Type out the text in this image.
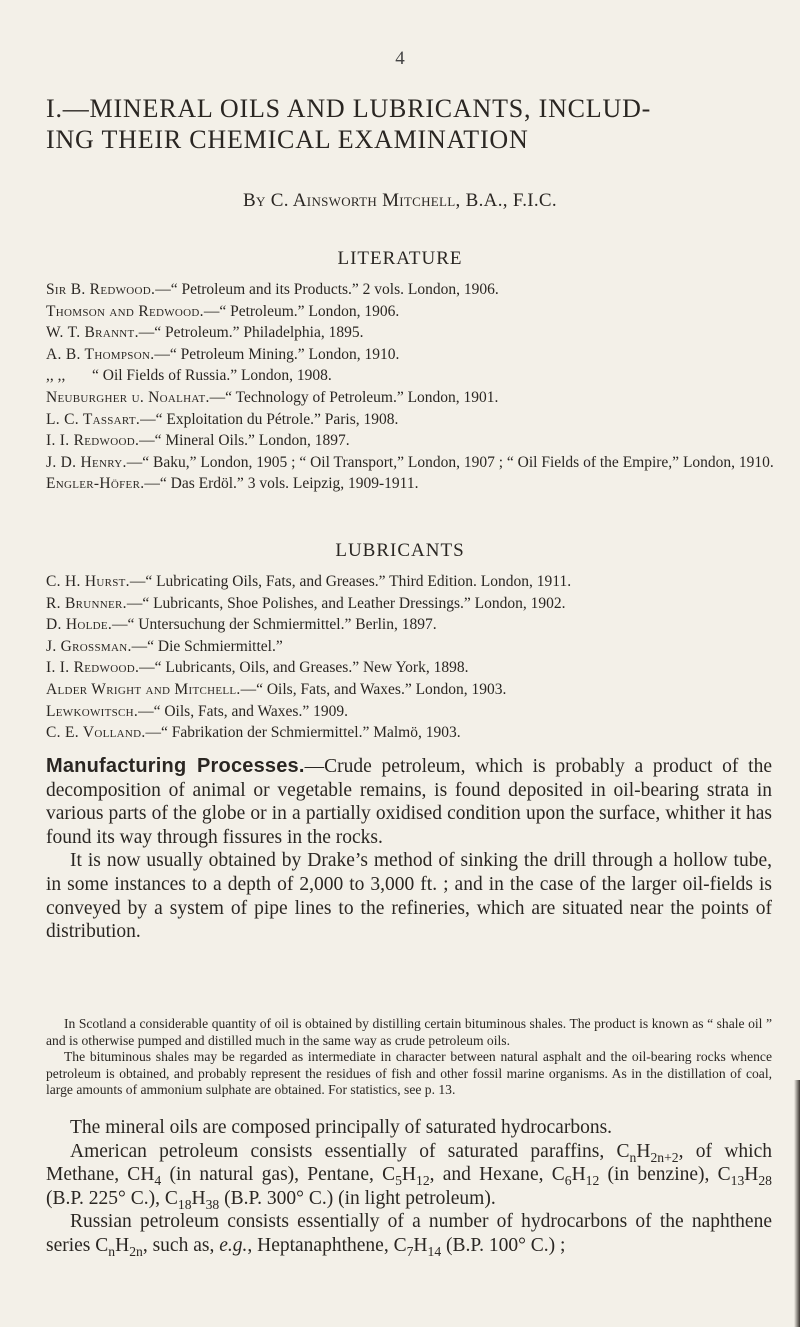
4
I.—MINERAL OILS AND LUBRICANTS, INCLUD-
ING THEIR CHEMICAL EXAMINATION
By C. Ainsworth Mitchell, B.A., F.I.C.
LITERATURE
Sir B. Redwood.—“ Petroleum and its Products.” 2 vols. London, 1906.
Thomson and Redwood.—“ Petroleum.” London, 1906.
W. T. Brannt.—“ Petroleum.” Philadelphia, 1895.
A. B. Thompson.—“ Petroleum Mining.” London, 1910.
,, ,, “ Oil Fields of Russia.” London, 1908.
Neuburgher u. Noalhat.—“ Technology of Petroleum.” London, 1901.
L. C. Tassart.—“ Exploitation du Pétrole.” Paris, 1908.
I. I. Redwood.—“ Mineral Oils.” London, 1897.
J. D. Henry.—“ Baku,” London, 1905 ; “ Oil Transport,” London, 1907 ; “ Oil Fields of the Empire,” London, 1910.
Engler-Höfer.—“ Das Erdöl.” 3 vols. Leipzig, 1909-1911.
LUBRICANTS
C. H. Hurst.—“ Lubricating Oils, Fats, and Greases.” Third Edition. London, 1911.
R. Brunner.—“ Lubricants, Shoe Polishes, and Leather Dressings.” London, 1902.
D. Holde.—“ Untersuchung der Schmiermittel.” Berlin, 1897.
J. Grossman.—“ Die Schmiermittel.”
I. I. Redwood.—“ Lubricants, Oils, and Greases.” New York, 1898.
Alder Wright and Mitchell.—“ Oils, Fats, and Waxes.” London, 1903.
Lewkowitsch.—“ Oils, Fats, and Waxes.” 1909.
C. E. Volland.—“ Fabrikation der Schmiermittel.” Malmö, 1903.

Manufacturing Processes.—Crude petroleum, which is probably a product of the decomposition of animal or vegetable remains, is found deposited in oil-bearing strata in various parts of the globe or in a partially oxidised condition upon the surface, whither it has found its way through fissures in the rocks.

It is now usually obtained by Drake’s method of sinking the drill through a hollow tube, in some instances to a depth of 2,000 to 3,000 ft. ; and in the case of the larger oil-fields is conveyed by a system of pipe lines to the refineries, which are situated near the points of distribution.

In Scotland a considerable quantity of oil is obtained by distilling certain bituminous shales. The product is known as “ shale oil ” and is otherwise pumped and distilled much in the same way as crude petroleum oils.

The bituminous shales may be regarded as intermediate in character between natural asphalt and the oil-bearing rocks whence petroleum is obtained, and probably represent the residues of fish and other fossil marine organisms. As in the distillation of coal, large amounts of ammonium sulphate are obtained. For statistics, see p. 13.

The mineral oils are composed principally of saturated hydrocarbons.

American petroleum consists essentially of saturated paraffins, $C_nH_{2n+2}$, of which Methane, $CH_4$ (in natural gas), Pentane, $C_5H_{12}$, and Hexane, $C_6H_{12}$ (in benzine), $C_{13}H_{28}$ (B.P. 225° C.), $C_{18}H_{38}$ (B.P. 300° C.) (in light petroleum).

Russian petroleum consists essentially of a number of hydrocarbons of the naphthene series $C_nH_{2n}$, such as, e.g., Heptanaphthene, $C_7H_{14}$ (B.P. 100° C.) ;
